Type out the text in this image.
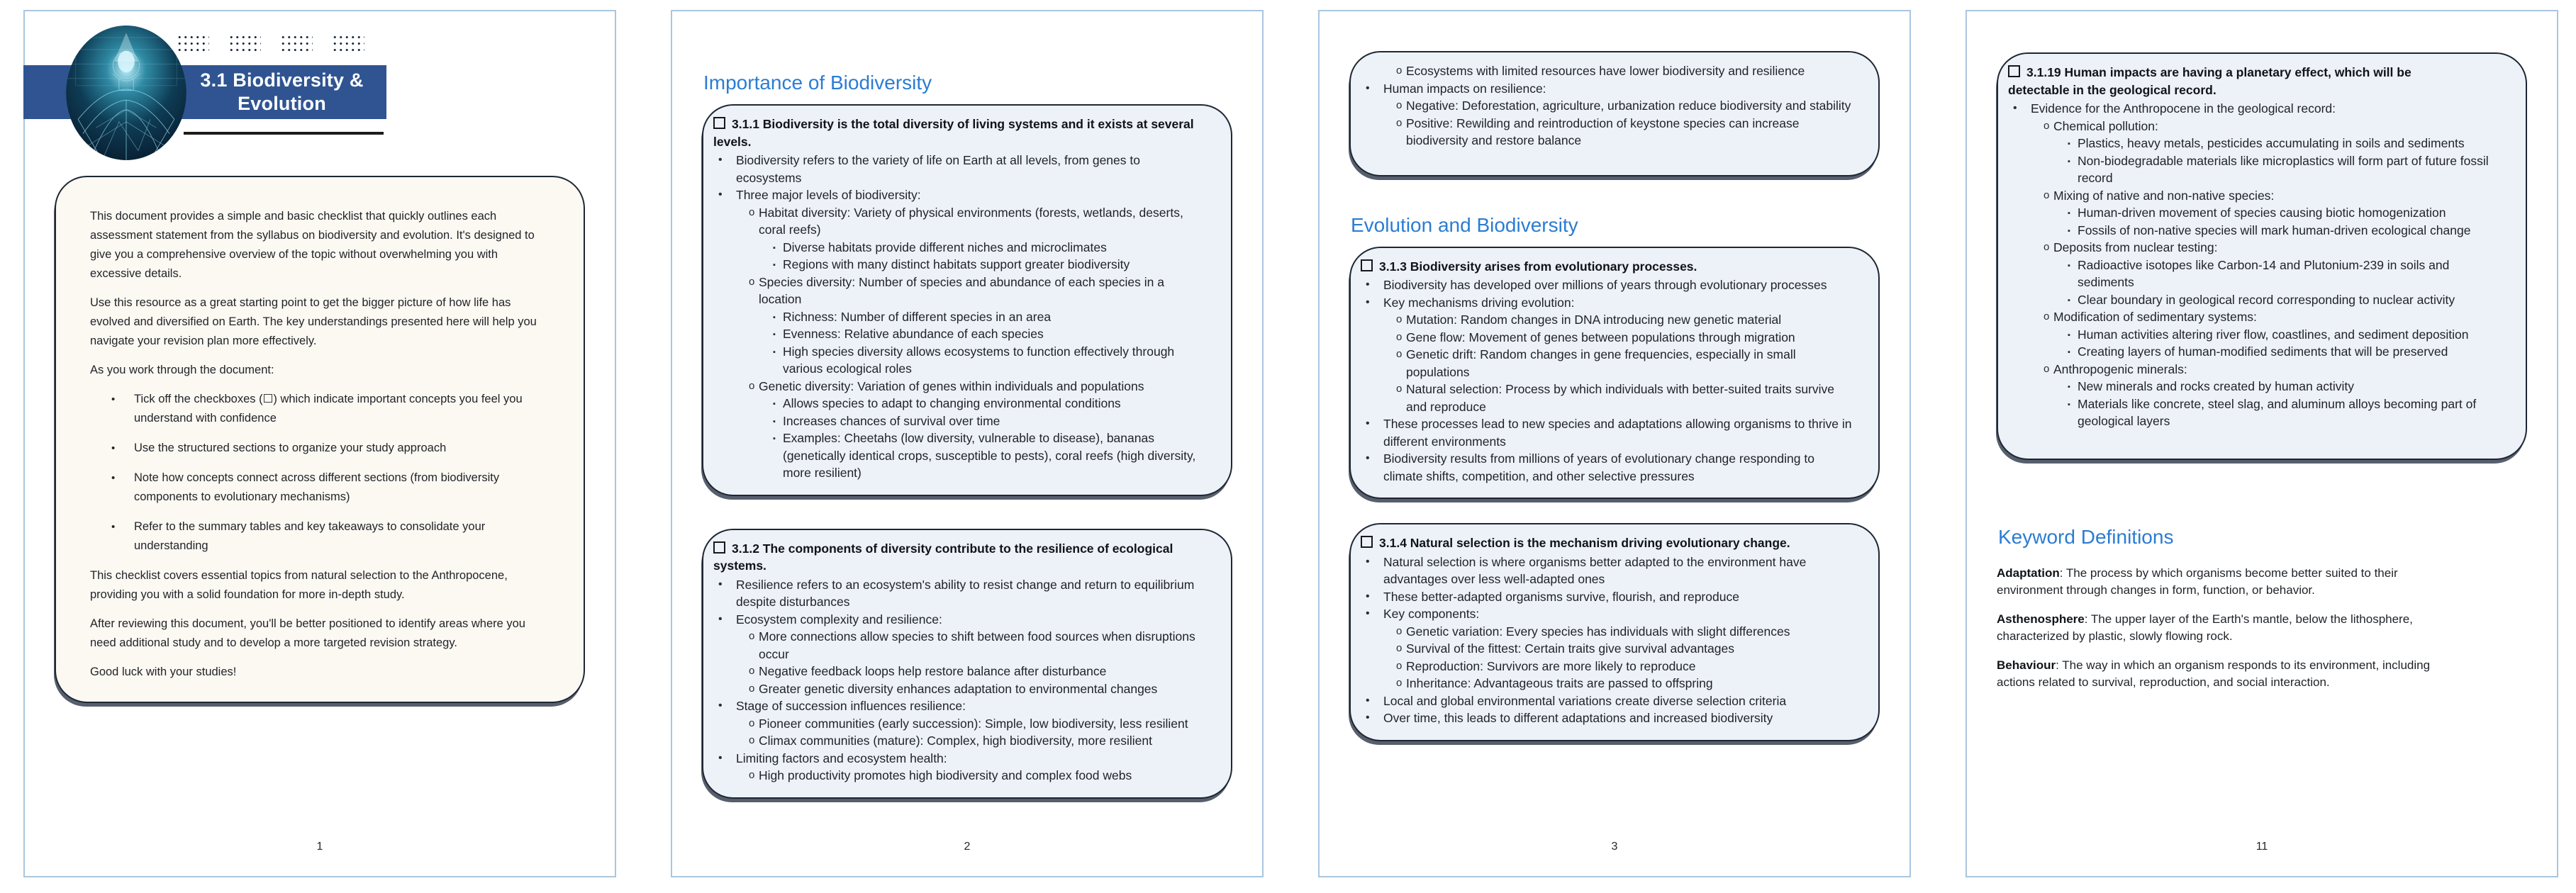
3.1 Biodiversity &
Evolution

This document provides a simple and basic checklist that quickly outlines each assessment statement from the syllabus on biodiversity and evolution. It's designed to give you a comprehensive overview of the topic without overwhelming you with excessive details.

Use this resource as a great starting point to get the bigger picture of how life has evolved and diversified on Earth. The key understandings presented here will help you navigate your revision plan more effectively.

As you work through the document:

• Tick off the checkboxes (☐) which indicate important concepts you feel you understand with confidence

• Use the structured sections to organize your study approach

• Note how concepts connect across different sections (from biodiversity components to evolutionary mechanisms)

• Refer to the summary tables and key takeaways to consolidate your understanding

This checklist covers essential topics from natural selection to the Anthropocene, providing you with a solid foundation for more in-depth study.

After reviewing this document, you'll be better positioned to identify areas where you need additional study and to develop a more targeted revision strategy.

Good luck with your studies!

1
Importance of Biodiversity

3.1.1 Biodiversity is the total diversity of living systems and it exists at several levels.

• Biodiversity refers to the variety of life on Earth at all levels, from genes to ecosystems

• Three major levels of biodiversity:

o Habitat diversity: Variety of physical environments (forests, wetlands, deserts, coral reefs)

▪ Diverse habitats provide different niches and microclimates

▪ Regions with many distinct habitats support greater biodiversity

o Species diversity: Number of species and abundance of each species in a location

▪ Richness: Number of different species in an area

▪ Evenness: Relative abundance of each species

▪ High species diversity allows ecosystems to function effectively through various ecological roles

o Genetic diversity: Variation of genes within individuals and populations

▪ Allows species to adapt to changing environmental conditions

▪ Increases chances of survival over time

▪ Examples: Cheetahs (low diversity, vulnerable to disease), bananas (genetically identical crops, susceptible to pests), coral reefs (high diversity, more resilient)

3.1.2 The components of diversity contribute to the resilience of ecological systems.

• Resilience refers to an ecosystem's ability to resist change and return to equilibrium despite disturbances

• Ecosystem complexity and resilience:

o More connections allow species to shift between food sources when disruptions occur

o Negative feedback loops help restore balance after disturbance

o Greater genetic diversity enhances adaptation to environmental changes

• Stage of succession influences resilience:

o Pioneer communities (early succession): Simple, low biodiversity, less resilient

o Climax communities (mature): Complex, high biodiversity, more resilient

• Limiting factors and ecosystem health:

o High productivity promotes high biodiversity and complex food webs

2

o Ecosystems with limited resources have lower biodiversity and resilience

• Human impacts on resilience:

o Negative: Deforestation, agriculture, urbanization reduce biodiversity and stability

o Positive: Rewilding and reintroduction of keystone species can increase biodiversity and restore balance

Evolution and Biodiversity

3.1.3 Biodiversity arises from evolutionary processes.

• Biodiversity has developed over millions of years through evolutionary processes

• Key mechanisms driving evolution:

o Mutation: Random changes in DNA introducing new genetic material

o Gene flow: Movement of genes between populations through migration

o Genetic drift: Random changes in gene frequencies, especially in small populations

o Natural selection: Process by which individuals with better-suited traits survive and reproduce

• These processes lead to new species and adaptations allowing organisms to thrive in different environments

• Biodiversity results from millions of years of evolutionary change responding to climate shifts, competition, and other selective pressures

3.1.4 Natural selection is the mechanism driving evolutionary change.

• Natural selection is where organisms better adapted to the environment have advantages over less well-adapted ones

• These better-adapted organisms survive, flourish, and reproduce

• Key components:

o Genetic variation: Every species has individuals with slight differences

o Survival of the fittest: Certain traits give survival advantages

o Reproduction: Survivors are more likely to reproduce

o Inheritance: Advantageous traits are passed to offspring

• Local and global environmental variations create diverse selection criteria

• Over time, this leads to different adaptations and increased biodiversity

3

3.1.19 Human impacts are having a planetary effect, which will be detectable in the geological record.

• Evidence for the Anthropocene in the geological record:

o Chemical pollution:

▪ Plastics, heavy metals, pesticides accumulating in soils and sediments

▪ Non-biodegradable materials like microplastics will form part of future fossil record

o Mixing of native and non-native species:

▪ Human-driven movement of species causing biotic homogenization

▪ Fossils of non-native species will mark human-driven ecological change

o Deposits from nuclear testing:

▪ Radioactive isotopes like Carbon-14 and Plutonium-239 in soils and sediments

▪ Clear boundary in geological record corresponding to nuclear activity

o Modification of sedimentary systems:

▪ Human activities altering river flow, coastlines, and sediment deposition

▪ Creating layers of human-modified sediments that will be preserved

o Anthropogenic minerals:

▪ New minerals and rocks created by human activity

▪ Materials like concrete, steel slag, and aluminum alloys becoming part of geological layers

Keyword Definitions

Adaptation: The process by which organisms become better suited to their environment through changes in form, function, or behavior.

Asthenosphere: The upper layer of the Earth's mantle, below the lithosphere, characterized by plastic, slowly flowing rock.

Behaviour: The way in which an organism responds to its environment, including actions related to survival, reproduction, and social interaction.

11
